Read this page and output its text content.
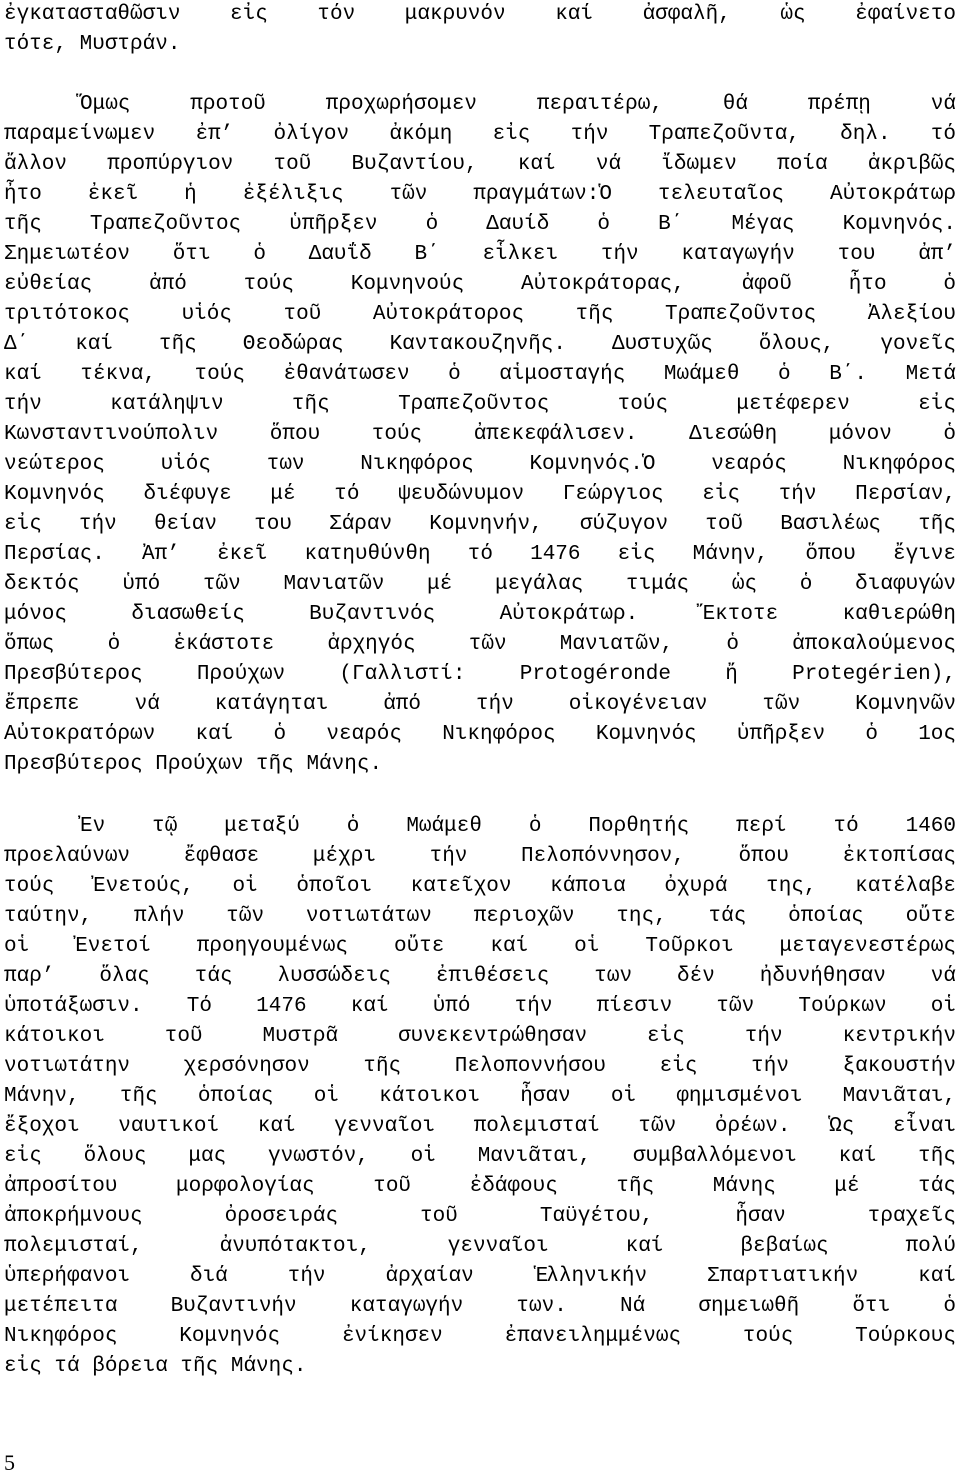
ἐγκατασταθῶσιν εἰς τόν μακρυνόν καί ἀσφαλῆ, ὡς ἐφαίνετο
τότε, Μυστράν.
Ὅμως προτοῦ προχωρήσομεν περαιτέρω, θά πρέπῃ νά
παραμείνωμεν ἐπ’ ὀλίγον ἀκόμη εἰς τήν Τραπεζοῦντα, δηλ. τό
ἄλλον προπύργιον τοῦ Βυζαντίου, καί νά ἴδωμεν ποία ἀκριβῶς
ἦτο ἐκεῖ ἡ ἐξέλιξις τῶν πραγμάτων:Ὁ τελευταῖος Αὐτοκράτωρ
τῆς Τραπεζοῦντος ὑπῆρξεν ὁ Δαυίδ ὁ Β΄ Μέγας Κομνηνός.
Σημειωτέον ὅτι ὁ Δαυΐδ Β΄ εἷλκει τήν καταγωγήν του ἀπ’
εὐθείας ἀπό τούς Κομνηνούς Αὐτοκράτορας, ἀφοῦ ἦτο ὁ
τριτότοκος υἱός τοῦ Αὐτοκράτορος τῆς Τραπεζοῦντος Ἀλεξίου
Δ΄ καί τῆς Θεοδώρας Καντακουζηνῆς. Δυστυχῶς ὅλους, γονεῖς
καί τέκνα, τούς ἐθανάτωσεν ὁ αἱμοσταγής Μωάμεθ ὁ Β΄. Μετά
τήν κατάληψιν τῆς Τραπεζοῦντος τούς μετέφερεν εἰς
Κωνσταντινούπολιν ὅπου τούς ἀπεκεφάλισεν. Διεσώθη μόνον ὁ
νεώτερος υἱός των Νικηφόρος Κομνηνός.Ὁ νεαρός Νικηφόρος
Κομνηνός διέφυγε μέ τό ψευδώνυμον Γεώργιος εἰς τήν Περσίαν,
εἰς τήν θείαν του Σάραν Κομνηνήν, σύζυγον τοῦ Βασιλέως τῆς
Περσίας. Ἀπ’ ἐκεῖ κατηυθύνθη τό 1476 εἰς Μάνην, ὅπου ἔγινε
δεκτός ὑπό τῶν Μανιατῶν μέ μεγάλας τιμάς ὡς ὁ διαφυγών
μόνος διασωθείς Βυζαντινός Αὐτοκράτωρ. Ἔκτοτε καθιερώθη
ὅπως ὁ ἑκάστοτε ἀρχηγός τῶν Μανιατῶν, ὁ ἀποκαλούμενος
Πρεσβύτερος Προύχων (Γαλλιστί: Protogéronde ἤ Protegérien),
ἔπρεπε νά κατάγηται ἀπό τήν οἰκογένειαν τῶν Κομνηνῶν
Αὐτοκρατόρων καί ὁ νεαρός Νικηφόρος Κομνηνός ὑπῆρξεν ὁ 1ος
Πρεσβύτερος Προύχων τῆς Μάνης.
Ἐν τῷ μεταξύ ὁ Μωάμεθ ὁ Πορθητής περί τό 1460
προελαύνων ἔφθασε μέχρι τήν Πελοπόννησον, ὅπου ἐκτοπίσας
τούς Ἐνετούς, οἱ ὁποῖοι κατεῖχον κάποια ὀχυρά της, κατέλαβε
ταύτην, πλήν τῶν νοτιωτάτων περιοχῶν της, τάς ὁποίας οὔτε
οἱ Ἐνετοί προηγουμένως οὔτε καί οἱ Τοῦρκοι μεταγενεστέρως
παρ’ ὅλας τάς λυσσώδεις ἐπιθέσεις των δέν ἠδυνήθησαν νά
ὑποτάξωσιν. Τό 1476 καί ὑπό τήν πίεσιν τῶν Τούρκων οἱ
κάτοικοι τοῦ Μυστρᾶ συνεκεντρώθησαν εἰς τήν κεντρικήν
νοτιωτάτην χερσόνησον τῆς Πελοποννήσου εἰς τήν ξακουστήν
Μάνην, τῆς ὁποίας οἱ κάτοικοι ἦσαν οἱ φημισμένοι Μανιᾶται,
ἔξοχοι ναυτικοί καί γενναῖοι πολεμισταί τῶν ὀρέων. Ὡς εἶναι
εἰς ὅλους μας γνωστόν, οἱ Μανιᾶται, συμβαλλόμενοι καί τῆς
ἀπροσίτου μορφολογίας τοῦ ἐδάφους τῆς Μάνης μέ τάς
ἀποκρήμνους ὀροσειράς τοῦ Ταϋγέτου, ἦσαν τραχεῖς
πολεμισταί, ἀνυπότακτοι, γενναῖοι καί βεβαίως πολύ
ὑπερήφανοι διά τήν ἀρχαίαν Ἑλληνικήν Σπαρτιατικήν καί
μετέπειτα Βυζαντινήν καταγωγήν των. Νά σημειωθῆ ὅτι ὁ
Νικηφόρος Κομνηνός ἐνίκησεν ἐπανειλημμένως τούς Τούρκους
εἰς τά βόρεια τῆς Μάνης.
5
